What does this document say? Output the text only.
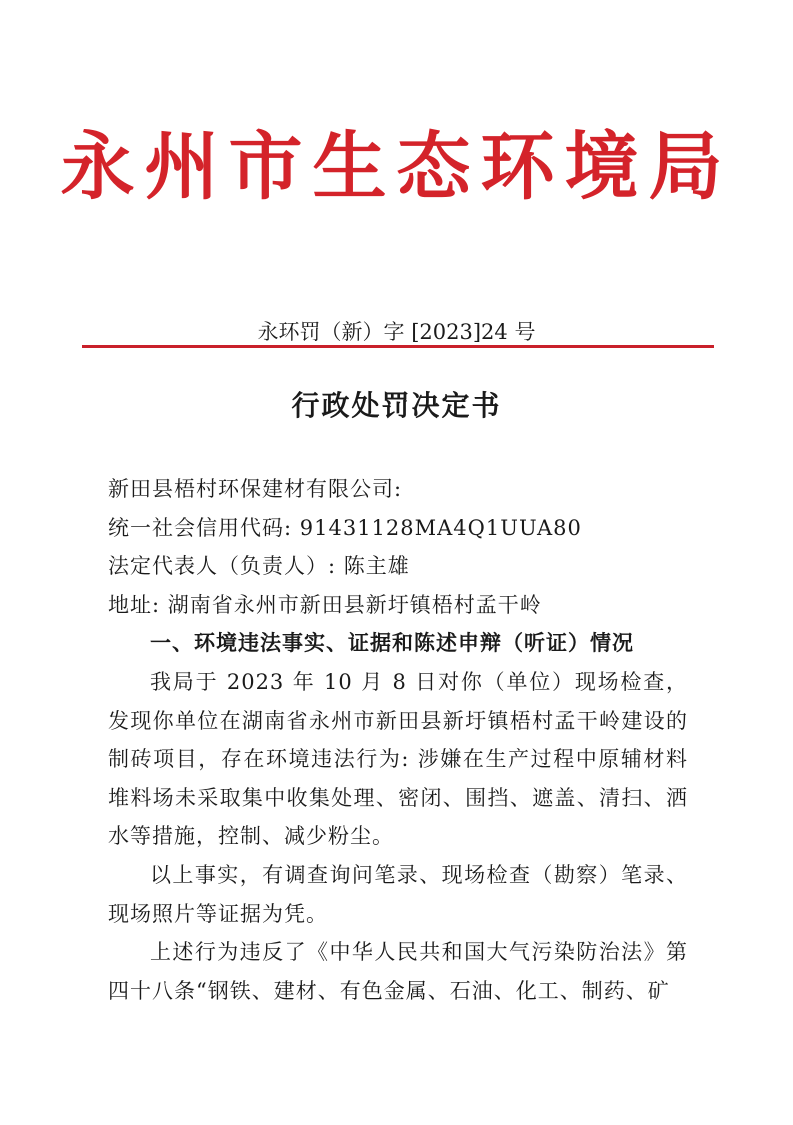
永州市生态环境局
永环罚（新）字 [2023]24 号
行政处罚决定书

新田县梧村环保建材有限公司:

统一社会信用代码: 91431128MA4Q1UUA80

法定代表人（负责人）: 陈主雄

地址: 湖南省永州市新田县新圩镇梧村孟干岭

一、环境违法事实、证据和陈述申辩（听证）情况

我局于 2023 年 10 月 8 日对你（单位）现场检查，发现你单位在湖南省永州市新田县新圩镇梧村孟干岭建设的制砖项目，存在环境违法行为: 涉嫌在生产过程中原辅材料堆料场未采取集中收集处理、密闭、围挡、遮盖、清扫、洒水等措施，控制、减少粉尘。

以上事实，有调查询问笔录、现场检查（勘察）笔录、现场照片等证据为凭。

上述行为违反了《中华人民共和国大气污染防治法》第四十八条“钢铁、建材、有色金属、石油、化工、制药、矿
